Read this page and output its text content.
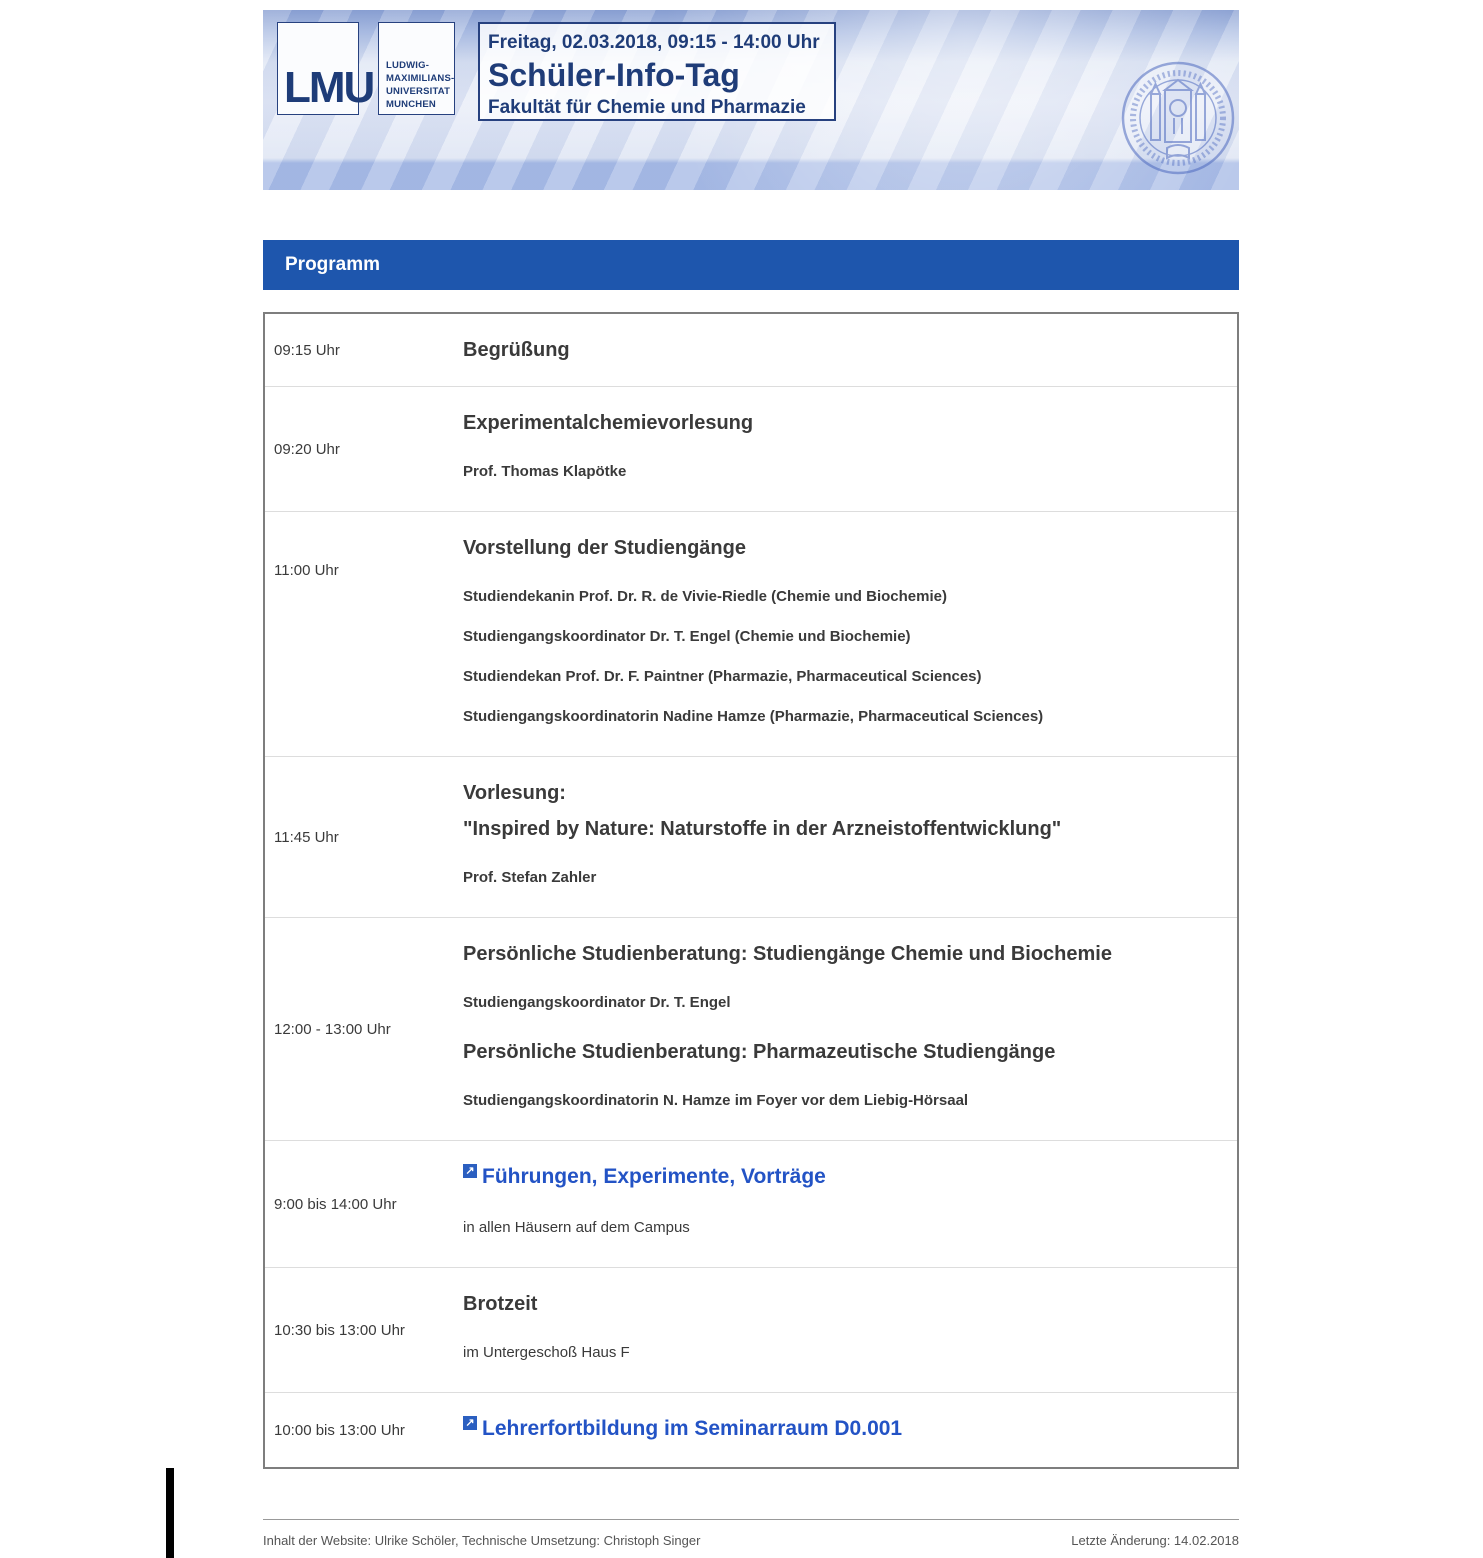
LMU LUDWIG-
MAXIMILIANS-
UNIVERSITAT
MUNCHEN
Freitag, 02.03.2018, 09:15 - 14:00 Uhr
Schüler-Info-Tag
Fakultät für Chemie und Pharmazie
Programm
09:15 Uhr	Begrüßung

09:20 Uhr	Experimentalchemievorlesung

Prof. Thomas Klapötke

11:00 Uhr	Vorstellung der Studiengänge

Studiendekanin Prof. Dr. R. de Vivie-Riedle (Chemie und Biochemie)

Studiengangskoordinator Dr. T. Engel (Chemie und Biochemie)

Studiendekan Prof. Dr. F. Paintner (Pharmazie, Pharmaceutical Sciences)

Studiengangskoordinatorin Nadine Hamze (Pharmazie, Pharmaceutical Sciences)

11:45 Uhr	Vorlesung:
"Inspired by Nature: Naturstoffe in der Arzneistoffentwicklung"

Prof. Stefan Zahler

12:00 - 13:00 Uhr	Persönliche Studienberatung: Studiengänge Chemie und Biochemie

Studiengangskoordinator Dr. T. Engel

Persönliche Studienberatung: Pharmazeutische Studiengänge

Studiengangskoordinatorin N. Hamze im Foyer vor dem Liebig-Hörsaal

9:00 bis 14:00 Uhr	↗ Führungen, Experimente, Vorträge

in allen Häusern auf dem Campus

10:30 bis 13:00 Uhr	Brotzeit

im Untergeschoß Haus F

10:00 bis 13:00 Uhr	↗ Lehrerfortbildung im Seminarraum D0.001

Inhalt der Website: Ulrike Schöler, Technische Umsetzung: Christoph Singer	Letzte Änderung: 14.02.2018
